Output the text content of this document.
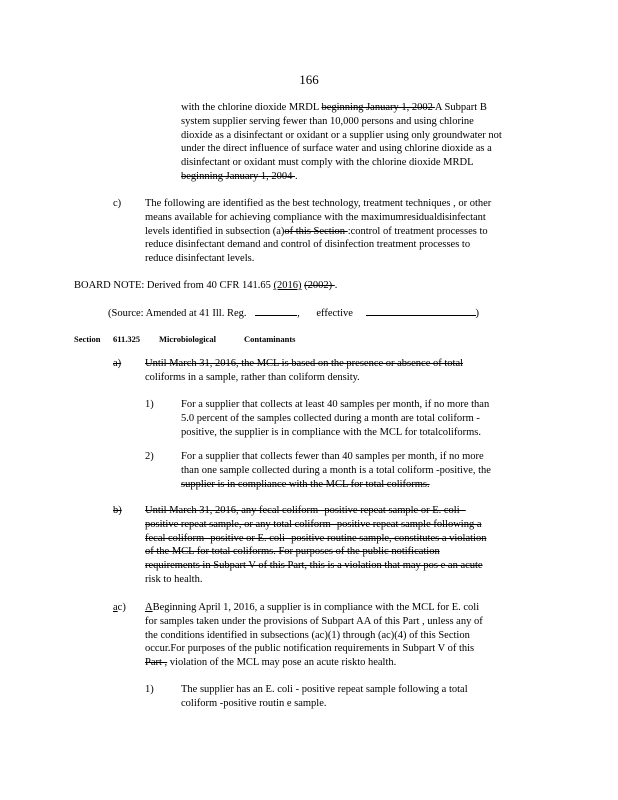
166
with the chlorine dioxide MRDL beginning January 1, 2002 A Subpart B
system supplier serving fewer than 10,000 persons and using chlorine
dioxide as a disinfectant or oxidant or a supplier using only groundwater not
under the direct influence of surface water and using chlorine dioxide as a
disinfectant or oxidant must comply with the chlorine dioxide MRDL
beginning January 1, 2004 .
c) The following are identified as the best technology, treatment techniques , or other
means available for achieving compliance with the maximumresidualdisinfectant
levels identified in subsection (a)of this Section :control of treatment processes to
reduce disinfectant demand and control of disinfection treatment processes to
reduce disinfectant levels.
BOARD NOTE: Derived from 40 CFR 141.65 (2016) (2002) .
(Source: Amended at 41 Ill. Reg.	, effective	)
Section 611.325 Microbiological	Contaminants
a) Until March 31, 2016, the MCL is based on the presence or absence of total
coliforms in a sample, rather than coliform density.
1)	For a supplier that collects at least 40 samples per month, if no more than
5.0 percent of the samples collected during a month are total coliform -
positive, the supplier is in compliance with the MCL for totalcoliforms.
2)	For a supplier that collects fewer than 40 samples per month, if no more
than one sample collected during a month is a total coliform -positive, the
supplier is in compliance with the MCL for total coliforms.
b) Until March 31, 2016, any fecal coliform -positive repeat sample or E. coli -
positive repeat sample, or any total coliform -positive repeat sample following a
fecal coliform -positive or E. coli -positive routine sample, constitutes a violation
of the MCL for total coliforms. For purposes of the public notification
requirements in Subpart V of this Part, this is a violation that may pos e an acute
risk to health.
ac) ABeginning April 1, 2016, a supplier is in compliance with the MCL for E. coli
for samples taken under the provisions of Subpart AA of this Part , unless any of
the conditions identified in subsections (ac)(1) through (ac)(4) of this Section
occur.For purposes of the public notification requirements in Subpart V of this
Part , violation of the MCL may pose an acute riskto health.
1)	The supplier has an E. coli - positive repeat sample following a total
coliform -positive routin e sample.
